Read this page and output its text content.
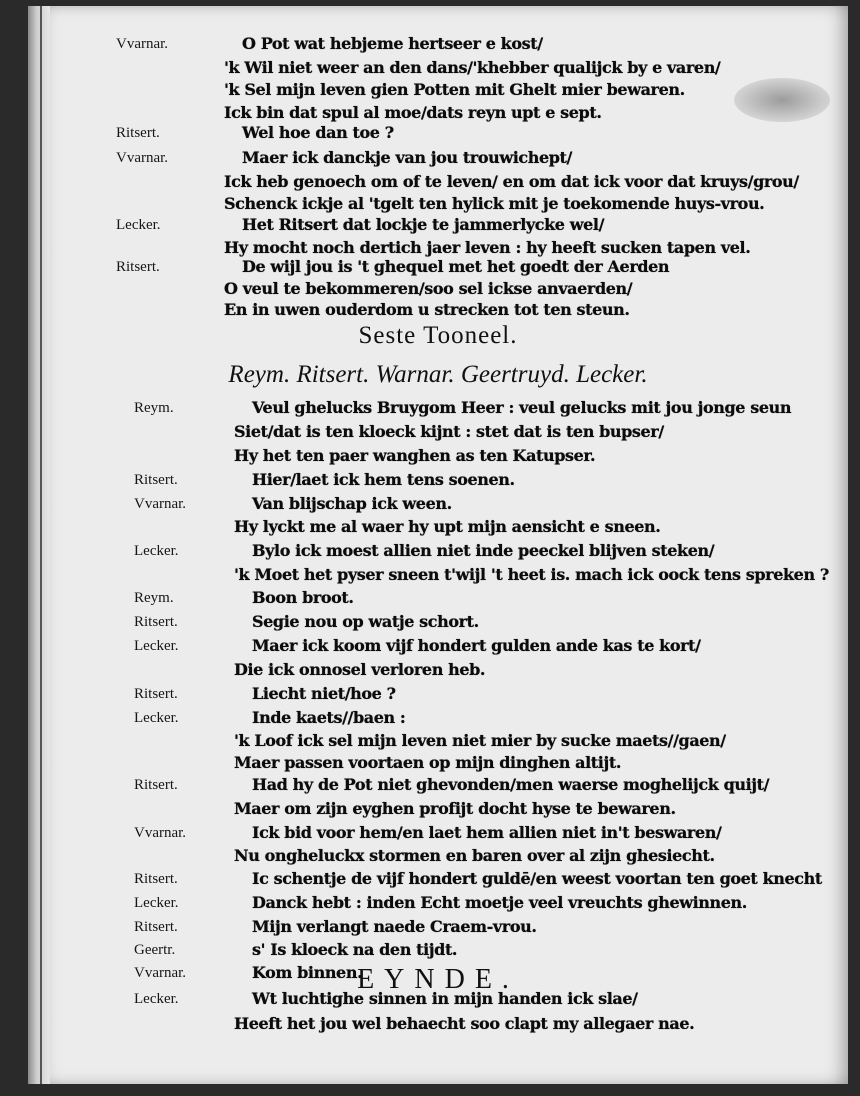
Vvarnar.	O Pot wat hebjeme hertseer e kost/
'k Wil niet weer an den dans/'khebber qualijck by e varen/
'k Sel mijn leven gien Potten mit Ghelt mier bewaren.
Ick bin dat spul al moe/dats reyn upt e sept.
Ritsert.	Wel hoe dan toe ?
Vvarnar.	Maer ick danckje van jou trouwichept/
Ick heb genoech om of te leven/ en om dat ick voor dat kruys/grou/
Schenck ickje al 'tgelt ten hylick mit je toekomende huys-vrou.
Lecker.	Het Ritsert dat lockje te jammerlycke wel/
Hy mocht noch dertich jaer leven : hy heeft sucken tapen vel.
Ritsert.	De wijl jou is 't ghequel met het goedt der Aerden
O veul te bekommeren/soo sel ickse anvaerden/
En in uwen ouderdom u strecken tot ten steun.
Reym.	Veul ghelucks Bruygom Heer : veul gelucks mit jou jonge seun
Siet/dat is ten kloeck kijnt : stet dat is ten bupser/
Hy het ten paer wanghen as ten Katupser.
Ritsert.	Hier/laet ick hem tens soenen.
Vvarnar.	Van blijschap ick ween.
Hy lyckt me al waer hy upt mijn aensicht e sneen.
Lecker.	Bylo ick moest allien niet inde peeckel blijven steken/
'k Moet het pyser sneen t'wijl 't heet is. mach ick oock tens spreken ?
Reym.	Boon broot.
Ritsert.	Segie nou op watje schort.
Lecker.	Maer ick koom vijf hondert gulden ande kas te kort/
Die ick onnosel verloren heb.
Ritsert.	Liecht niet/hoe ?
Lecker.	Inde kaets//baen :
'k Loof ick sel mijn leven niet mier by sucke maets//gaen/
Maer passen voortaen op mijn dinghen altijt.
Ritsert.	Had hy de Pot niet ghevonden/men waerse moghelijck quijt/
Maer om zijn eyghen profijt docht hyse te bewaren.
Vvarnar.	Ick bid voor hem/en laet hem allien niet in't beswaren/
Nu ongheluckx stormen en baren over al zijn ghesiecht.
Ritsert.	Ic schentje de vijf hondert guldē/en weest voortan ten goet knecht
Lecker.	Danck hebt : inden Echt moetje veel vreuchts ghewinnen.
Ritsert.	Mijn verlangt naede Craem-vrou.
Geertr.	s' Is kloeck na den tijdt.
Vvarnar.	Kom binnen.
Lecker.	Wt luchtighe sinnen in mijn handen ick slae/
Heeft het jou wel behaecht soo clapt my allegaer nae.
Seste Tooneel.
Reym. Ritsert. Warnar. Geertruyd. Lecker.
EYNDE.
